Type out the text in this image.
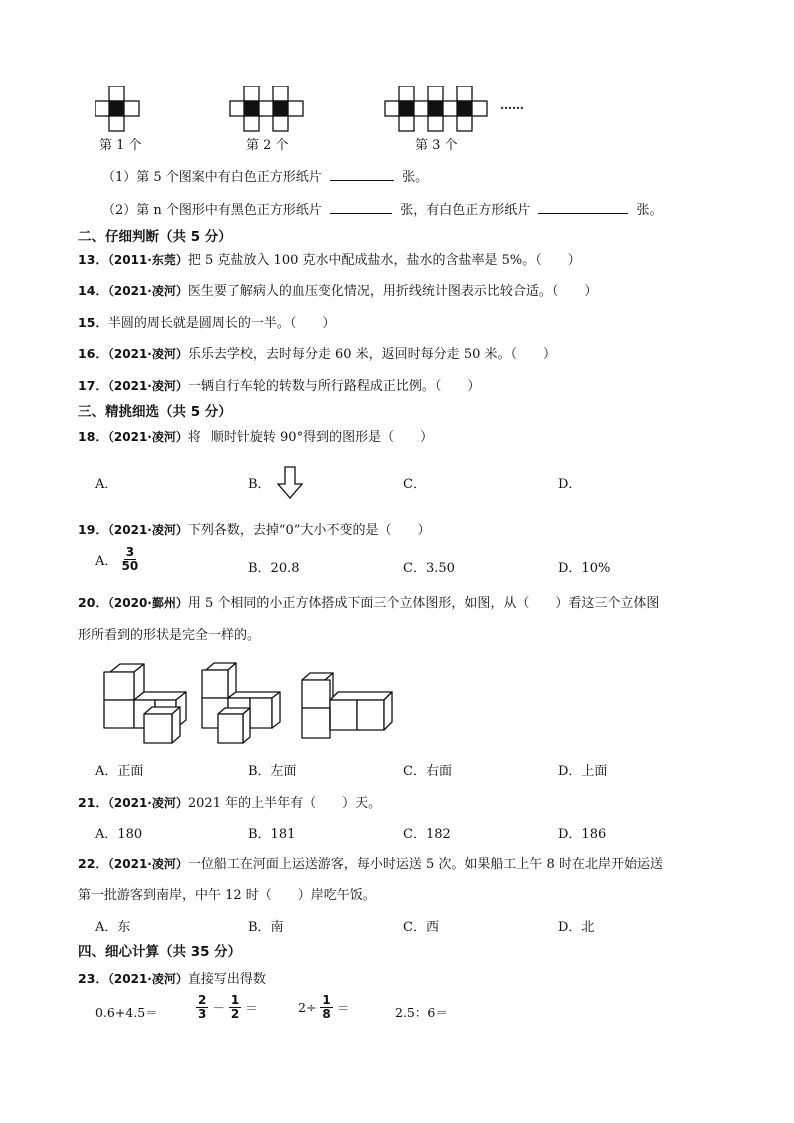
……
第 1 个	第 2 个	第 3 个
（1）第 5 个图案中有白色正方形纸片	张。
（2）第 n 个图形中有黑色正方形纸片	张，有白色正方形纸片	张。
二、仔细判断（共 5 分）
13．（2011·东莞）把 5 克盐放入 100 克水中配成盐水，盐水的含盐率是 5%。（　　）
14．（2021·凌河）医生要了解病人的血压变化情况，用折线统计图表示比较合适。（　　）
15．半圆的周长就是圆周长的一半。（　　）
16．（2021·凌河）乐乐去学校，去时每分走 60 米，返回时每分走 50 米。（　　）
17．（2021·凌河）一辆自行车轮的转数与所行路程成正比例。（　　）
三、精挑细选（共 5 分）
18．（2021·凌河）将 顺时针旋转 90°得到的图形是（　　）
A．	B．	C．	D．
19．（2021·凌河）下列各数，去掉“0”大小不变的是（　　）
A． $\frac{3}{50}$	B．20.8	C．3.50	D．10%
20．（2020·鄞州）用 5 个相同的小正方体搭成下面三个立体图形，如图，从（　　）看这三个立体图
形所看到的形状是完全一样的。
A．正面	B．左面	C．右面	D．上面
21．（2021·凌河）2021 年的上半年有（　　）天。
A．180	B．181	C．182	D．186
22．（2021·凌河）一位船工在河面上运送游客，每小时运送 5 次。如果船工上午 8 时在北岸开始运送
第一批游客到南岸，中午 12 时（　　）岸吃午饭。
A．东	B．南	C．西	D．北
四、细心计算（共 35 分）
23．（2021·凌河）直接写出得数
0.6+4.5＝	$\frac{2}{3} - \frac{1}{2}$ ＝	$2\div \frac{1}{8}$ ＝	2.5：6＝
